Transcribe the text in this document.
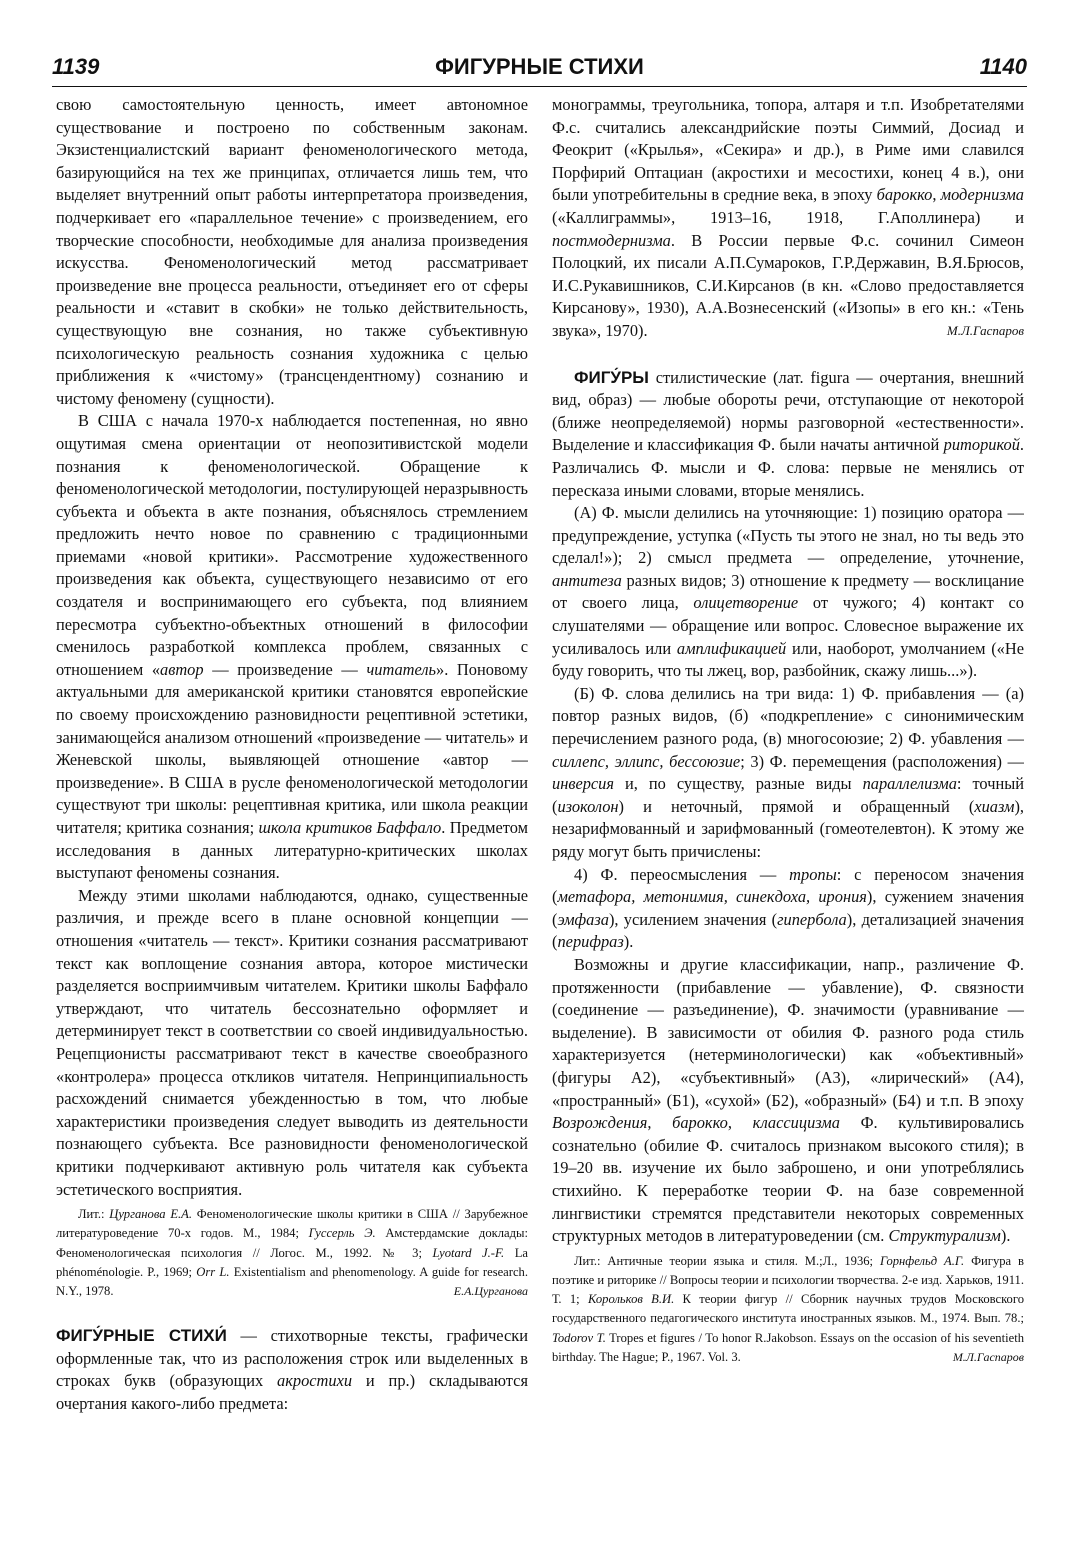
1139	ФИГУРНЫЕ СТИХИ	1140

свою самостоятельную ценность, имеет автономное существование и построено по собственным законам. Экзистенциалистский вариант феноменологического метода, базирующийся на тех же принципах, отличается лишь тем, что выделяет внутренний опыт работы интерпретатора произведения, подчеркивает его «параллельное течение» с произведением, его творческие способности, необходимые для анализа произведения искусства. Феноменологический метод рассматривает произведение вне процесса реальности, отъединяет его от сферы реальности и «ставит в скобки» не только действительность, существующую вне сознания, но также субъективную психологическую реальность сознания художника с целью приближения к «чистому» (трансцендентному) сознанию и чистому феномену (сущности).

В США с начала 1970-х наблюдается постепенная, но явно ощутимая смена ориентации от неопозитивистской модели познания к феноменологической. Обращение к феноменологической методологии, постулирующей неразрывность субъекта и объекта в акте познания, объяснялось стремлением предложить нечто новое по сравнению с традиционными приемами «новой критики». Рассмотрение художественного произведения как объекта, существующего независимо от его создателя и воспринимающего его субъекта, под влиянием пересмотра субъектно-объектных отношений в философии сменилось разработкой комплекса проблем, связанных с отношением «автор — произведение — читатель». Поновому актуальными для американской критики становятся европейские по своему происхождению разновидности рецептивной эстетики, занимающейся анализом отношений «произведение — читатель» и Женевской школы, выявляющей отношение «автор — произведение». В США в русле феноменологической методологии существуют три школы: рецептивная критика, или школа реакции читателя; критика сознания; школа критиков Баффало. Предметом исследования в данных литературно-критических школах выступают феномены сознания.

Между этими школами наблюдаются, однако, существенные различия, и прежде всего в плане основной концепции — отношения «читатель — текст». Критики сознания рассматривают текст как воплощение сознания автора, которое мистически разделяется восприимчивым читателем. Критики школы Баффало утверждают, что читатель бессознательно оформляет и детерминирует текст в соответствии со своей индивидуальностью. Рецепционисты рассматривают текст в качестве своеобразного «контролера» процесса откликов читателя. Непринципиальность расхождений снимается убежденностью в том, что любые характеристики произведения следует выводить из деятельности познающего субъекта. Все разновидности феноменологической критики подчеркивают активную роль читателя как субъекта эстетического восприятия.

Лит.: Цурганова Е.А. Феноменологические школы критики в США // Зарубежное литературоведение 70-х годов. М., 1984; Гуссерль Э. Амстердамские доклады: Феноменологическая психология // Логос. М., 1992. № 3; Lyotard J.-F. La phénoménologie. P., 1969; Orr L. Existentialism and phenomenology. A guide for research. N.Y., 1978.	Е.А.Цурганова

ФИГУ́РНЫЕ СТИХИ́ — стихотворные тексты, графически оформленные так, что из расположения строк или выделенных в строках букв (образующих акростихи и пр.) складываются очертания какого-либо предмета:

монограммы, треугольника, топора, алтаря и т.п. Изобретателями Ф.с. считались александрийские поэты Симмий, Досиад и Феокрит («Крылья», «Секира» и др.), в Риме ими славился Порфирий Оптациан (акростихи и месостихи, конец 4 в.), они были употребительны в средние века, в эпоху барокко, модернизма («Каллиграммы», 1913–16, 1918, Г.Аполлинера) и постмодернизма. В России первые Ф.с. сочинил Симеон Полоцкий, их писали А.П.Сумароков, Г.Р.Державин, В.Я.Брюсов, И.С.Рукавишников, С.И.Кирсанов (в кн. «Слово предоставляется Кирсанову», 1930), А.А.Вознесенский («Изопы» в его кн.: «Тень звука», 1970).	М.Л.Гаспаров

ФИГУ́РЫ стилистические (лат. figura — очертания, внешний вид, образ) — любые обороты речи, отступающие от некоторой (ближе неопределяемой) нормы разговорной «естественности». Выделение и классификация Ф. были начаты античной риторикой. Различались Ф. мысли и Ф. слова: первые не менялись от пересказа иными словами, вторые менялись.

(А) Ф. мысли делились на уточняющие: 1) позицию оратора — предупреждение, уступка («Пусть ты этого не знал, но ты ведь это сделал!»); 2) смысл предмета — определение, уточнение, антитеза разных видов; 3) отношение к предмету — восклицание от своего лица, олицетворение от чужого; 4) контакт со слушателями — обращение или вопрос. Словесное выражение их усиливалось или амплификацией или, наоборот, умолчанием («Не буду говорить, что ты лжец, вор, разбойник, скажу лишь...»).

(Б) Ф. слова делились на три вида: 1) Ф. прибавления — (а) повтор разных видов, (б) «подкрепление» с синонимическим перечислением разного рода, (в) многосоюзие; 2) Ф. убавления — силлепс, эллипс, бессоюзие; 3) Ф. перемещения (расположения) — инверсия и, по существу, разные виды параллелизма: точный (изоколон) и неточный, прямой и обращенный (хиазм), незарифмованный и зарифмованный (гомеотелевтон). К этому же ряду могут быть причислены:

4) Ф. переосмысления — тропы: с переносом значения (метафора, метонимия, синекдоха, ирония), сужением значения (эмфаза), усилением значения (гипербола), детализацией значения (перифраз).

Возможны и другие классификации, напр., различение Ф. протяженности (прибавление — убавление), Ф. связности (соединение — разъединение), Ф. значимости (уравнивание — выделение). В зависимости от обилия Ф. разного рода стиль характеризуется (нетерминологически) как «объективный» (фигуры А2), «субъективный» (А3), «лирический» (А4), «пространный» (Б1), «сухой» (Б2), «образный» (Б4) и т.п. В эпоху Возрождения, барокко, классицизма Ф. культивировались сознательно (обилие Ф. считалось признаком высокого стиля); в 19–20 вв. изучение их было заброшено, и они употреблялись стихийно. К переработке теории Ф. на базе современной лингвистики стремятся представители некоторых современных структурных методов в литературоведении (см. Структурализм).

Лит.: Античные теории языка и стиля. М.;Л., 1936; Горнфельд А.Г. Фигура в поэтике и риторике // Вопросы теории и психологии творчества. 2-е изд. Харьков, 1911. Т. 1; Корольков В.И. К теории фигур // Сборник научных трудов Московского государственного педагогического института иностранных языков. М., 1974. Вып. 78.; Todorov T. Tropes et figures / To honor R.Jakobson. Essays on the occasion of his seventieth birthday. The Hague; P., 1967. Vol. 3.	М.Л.Гаспаров
